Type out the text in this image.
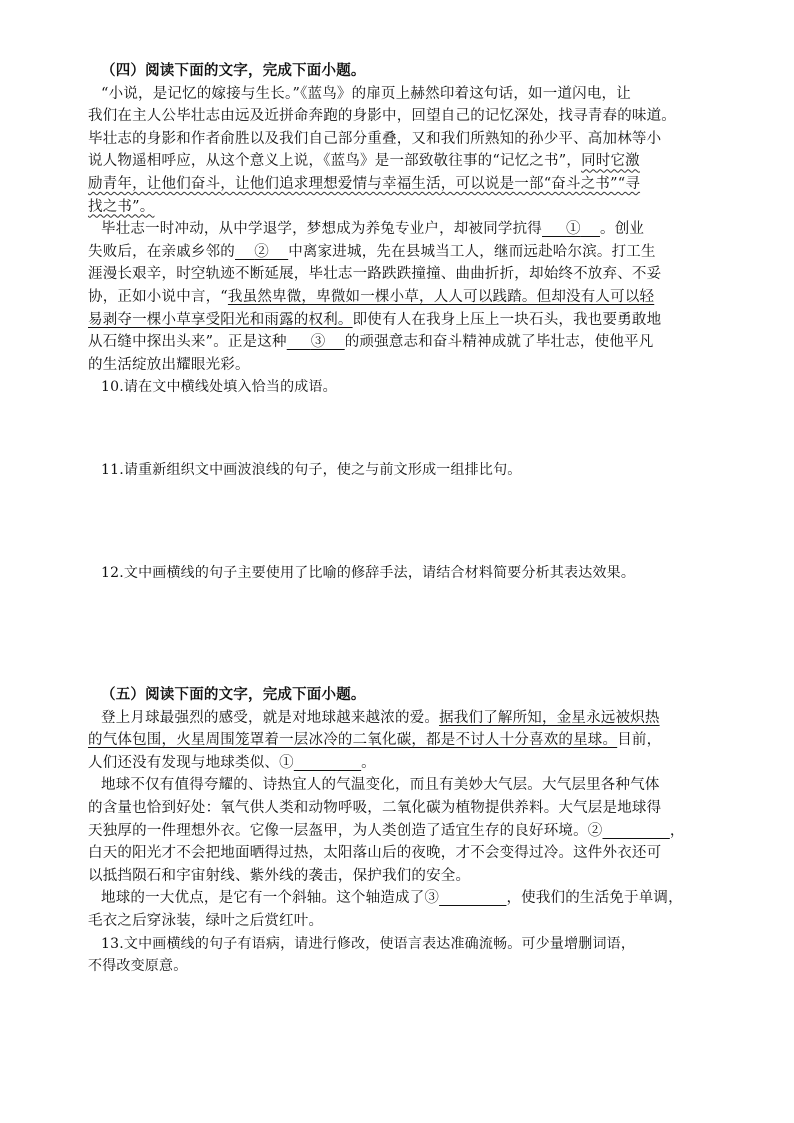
（四）阅读下面的文字，完成下面小题。
“小说，是记忆的嫁接与生长。”《蓝鸟》的扉页上赫然印着这句话，如一道闪电，让
我们在主人公毕壮志由远及近拼命奔跑的身影中，回望自己的记忆深处，找寻青春的味道。
毕壮志的身影和作者俞胜以及我们自己部分重叠，又和我们所熟知的孙少平、高加林等小
说人物遥相呼应，从这个意义上说，《蓝鸟》是一部致敬往事的“记忆之书”，同时它激
励青年，让他们奋斗，让他们追求理想爱情与幸福生活，可以说是一部“奋斗之书”“寻
找之书”。
毕壮志一时冲动，从中学退学，梦想成为养兔专业户，却被同学抗得 ① 。创业
失败后，在亲戚乡邻的 ② 中离家进城，先在县城当工人，继而远赴哈尔滨。打工生
涯漫长艰辛，时空轨迹不断延展，毕壮志一路跌跌撞撞、曲曲折折，却始终不放弃、不妥
协，正如小说中言，“我虽然卑微，卑微如一棵小草，人人可以践踏。但却没有人可以轻
易剥夺一棵小草享受阳光和雨露的权利。即使有人在我身上压上一块石头，我也要勇敢地
从石缝中探出头来”。正是这种 ③ 的顽强意志和奋斗精神成就了毕壮志，使他平凡
的生活绽放出耀眼光彩。
10.请在文中横线处填入恰当的成语。
11.请重新组织文中画波浪线的句子，使之与前文形成一组排比句。
12.文中画横线的句子主要使用了比喻的修辞手法，请结合材料简要分析其表达效果。
（五）阅读下面的文字，完成下面小题。
登上月球最强烈的感受，就是对地球越来越浓的爱。据我们了解所知，金星永远被炽热
的气体包围，火星周围笼罩着一层冰冷的二氧化碳，都是不讨人十分喜欢的星球。目前，
人们还没有发现与地球类似、①	。
地球不仅有值得夸耀的、诗热宜人的气温变化，而且有美妙大气层。大气层里各种气体
的含量也恰到好处：氧气供人类和动物呼吸，二氧化碳为植物提供养料。大气层是地球得
天独厚的一件理想外衣。它像一层盔甲，为人类创造了适宜生存的良好环境。②	，
白天的阳光才不会把地面晒得过热，太阳落山后的夜晚，才不会变得过冷。这件外衣还可
以抵挡陨石和宇宙射线、紫外线的袭击，保护我们的安全。
地球的一大优点，是它有一个斜轴。这个轴造成了③	，使我们的生活免于单调，
毛衣之后穿泳装，绿叶之后赏红叶。
13.文中画横线的句子有语病，请进行修改，使语言表达准确流畅。可少量增删词语，
不得改变原意。
